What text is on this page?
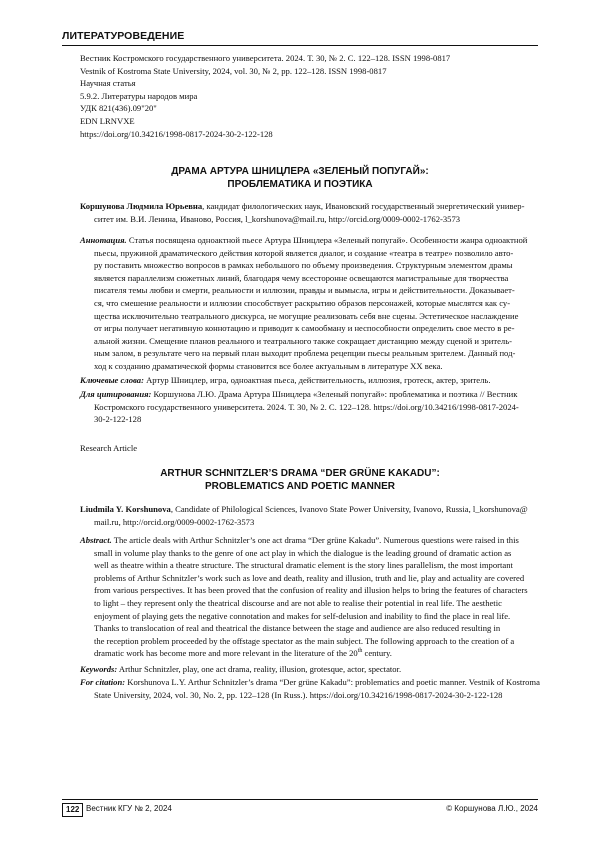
ЛИТЕРАТУРОВЕДЕНИЕ
Вестник Костромского государственного университета. 2024. Т. 30, № 2. С. 122–128. ISSN 1998-0817
Vestnik of Kostroma State University, 2024, vol. 30, № 2, pp. 122–128. ISSN 1998-0817
Научная статья
5.9.2. Литературы народов мира
УДК 821(436).09"20"
EDN LRNVXE
https://doi.org/10.34216/1998-0817-2024-30-2-122-128
ДРАМА АРТУРА ШНИЦЛЕРА «ЗЕЛЕНЫЙ ПОПУГАЙ»:
ПРОБЛЕМАТИКА И ПОЭТИКА
Коршунова Людмила Юрьевна, кандидат филологических наук, Ивановский государственный энергетический универ-
ситет им. В.И. Ленина, Иваново, Россия, l_korshunova@mail.ru, http://orcid.org/0009-0002-1762-3573
Аннотация. Статья посвящена одноактной пьесе Артура Шницлера «Зеленый попугай». Особенности жанра одноактной
пьесы, пружиной драматического действия которой является диалог, и создание «театра в театре» позволило авто-
ру поставить множество вопросов в рамках небольшого по объему произведения. Структурным элементом драмы
является параллелизм сюжетных линий, благодаря чему всесторонне освещаются магистральные для творчества
писателя темы любви и смерти, реальности и иллюзии, правды и вымысла, игры и действительности. Доказывает-
ся, что смешение реальности и иллюзии способствует раскрытию образов персонажей, которые мыслятся как су-
щества исключительно театрального дискурса, не могущие реализовать себя вне сцены. Эстетическое наслаждение
от игры получает негативную коннотацию и приводит к самообману и неспособности определить свое место в ре-
альной жизни. Смещение планов реального и театрального также сокращает дистанцию между сценой и зритель-
ным залом, в результате чего на первый план выходит проблема рецепции пьесы реальным зрителем. Данный под-
ход к созданию драматической формы становится все более актуальным в литературе ХХ века.
Ключевые слова: Артур Шницлер, игра, одноактная пьеса, действительность, иллюзия, гротеск, актер, зритель.
Для цитирования: Коршунова Л.Ю. Драма Артура Шницлера «Зеленый попугай»: проблематика и поэтика // Вестник
Костромского государственного университета. 2024. Т. 30, № 2. С. 122–128. https://doi.org/10.34216/1998-0817-2024-
30-2-122-128
Research Article
ARTHUR SCHNITZLER’S DRAMA “DER GRÜNE KAKADU”:
PROBLEMATICS AND POETIC MANNER
Liudmila Y. Korshunova, Candidate of Philological Sciences, Ivanovo State Power University, Ivanovo, Russia, l_korshunova@
mail.ru, http://orcid.org/0009-0002-1762-3573
Abstract. The article deals with Arthur Schnitzler’s one act drama “Der grüne Kakadu”. Numerous questions were raised in this
small in volume play thanks to the genre of one act play in which the dialogue is the leading ground of dramatic action as
well as theatre within a theatre structure. The structural dramatic element is the story lines parallelism, the most important
problems of Arthur Schnitzler’s work such as love and death, reality and illusion, truth and lie, play and actuality are covered
from various perspectives. It has been proved that the confusion of reality and illusion helps to bring the features of characters
to light – they represent only the theatrical discourse and are not able to realise their potential in real life. The aesthetic
enjoyment of playing gets the negative connotation and makes for self-delusion and inability to find the place in real life.
Thanks to translocation of real and theatrical the distance between the stage and audience are also reduced resulting in
the reception problem proceeded by the offstage spectator as the main subject. The following approach to the creation of a
dramatic work has become more and more relevant in the literature of the 20th century.
Keywords: Arthur Schnitzler, play, one act drama, reality, illusion, grotesque, actor, spectator.
For citation: Korshunova L.Y. Arthur Schnitzler’s drama “Der grüne Kakadu”: problematics and poetic manner. Vestnik of Kostroma
State University, 2024, vol. 30, No. 2, pp. 122–128 (In Russ.). https://doi.org/10.34216/1998-0817-2024-30-2-122-128
122 Вестник КГУ № 2, 2024	© Коршунова Л.Ю., 2024
